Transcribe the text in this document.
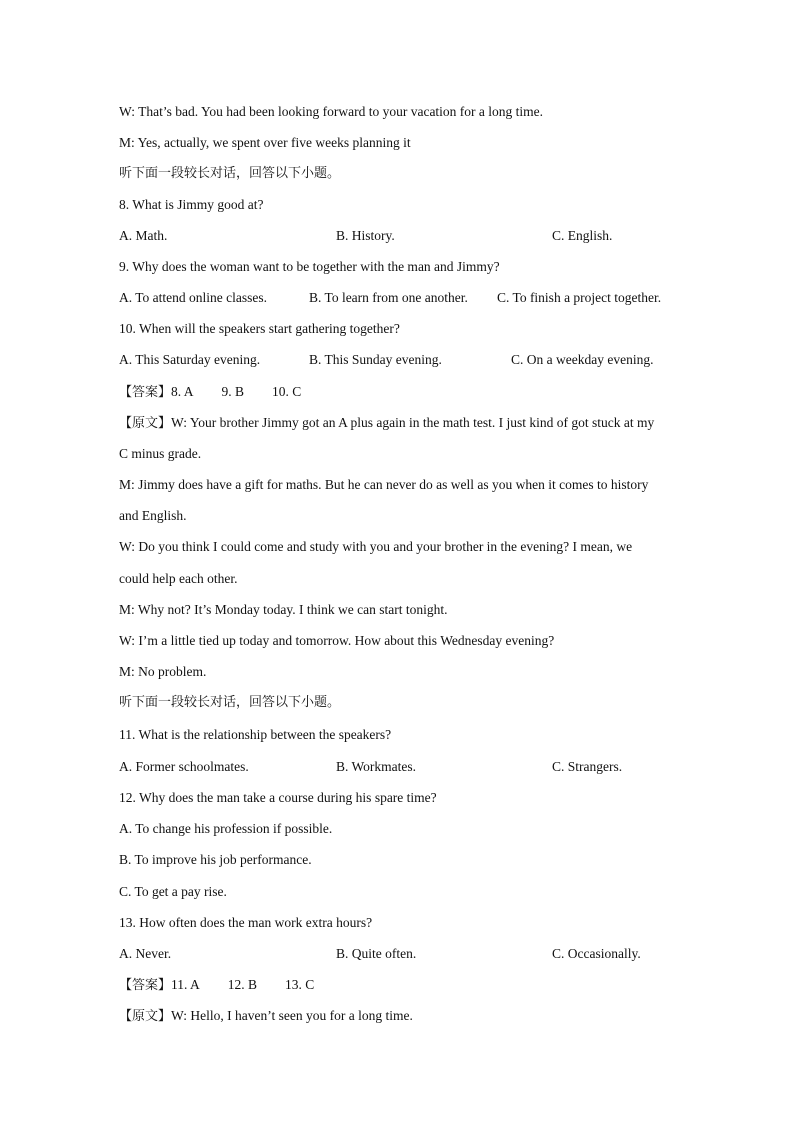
W: That’s bad. You had been looking forward to your vacation for a long time.
M: Yes, actually, we spent over five weeks planning it
听下面一段较长对话，回答以下小题。
8. What is Jimmy good at?
A. Math.	B. History.	C. English.
9. Why does the woman want to be together with the man and Jimmy?
A. To attend online classes.	B. To learn from one another. C. To finish a project together.
10. When will the speakers start gathering together?
A. This Saturday evening.	B. This Sunday evening.	C. On a weekday evening.
【答案】8. A 9. B 10. C
【原文】W: Your brother Jimmy got an A plus again in the math test. I just kind of got stuck at my
C minus grade.
M: Jimmy does have a gift for maths. But he can never do as well as you when it comes to history
and English.
W: Do you think I could come and study with you and your brother in the evening? I mean, we
could help each other.
M: Why not? It’s Monday today. I think we can start tonight.
W: I’m a little tied up today and tomorrow. How about this Wednesday evening?
M: No problem.
听下面一段较长对话，回答以下小题。
11. What is the relationship between the speakers?
A. Former schoolmates.	B. Workmates.	C. Strangers.
12. Why does the man take a course during his spare time?
A. To change his profession if possible.
B. To improve his job performance.
C. To get a pay rise.
13. How often does the man work extra hours?
A. Never.	B. Quite often.	C. Occasionally.
【答案】11. A 12. B 13. C
【原文】W: Hello, I haven’t seen you for a long time.
